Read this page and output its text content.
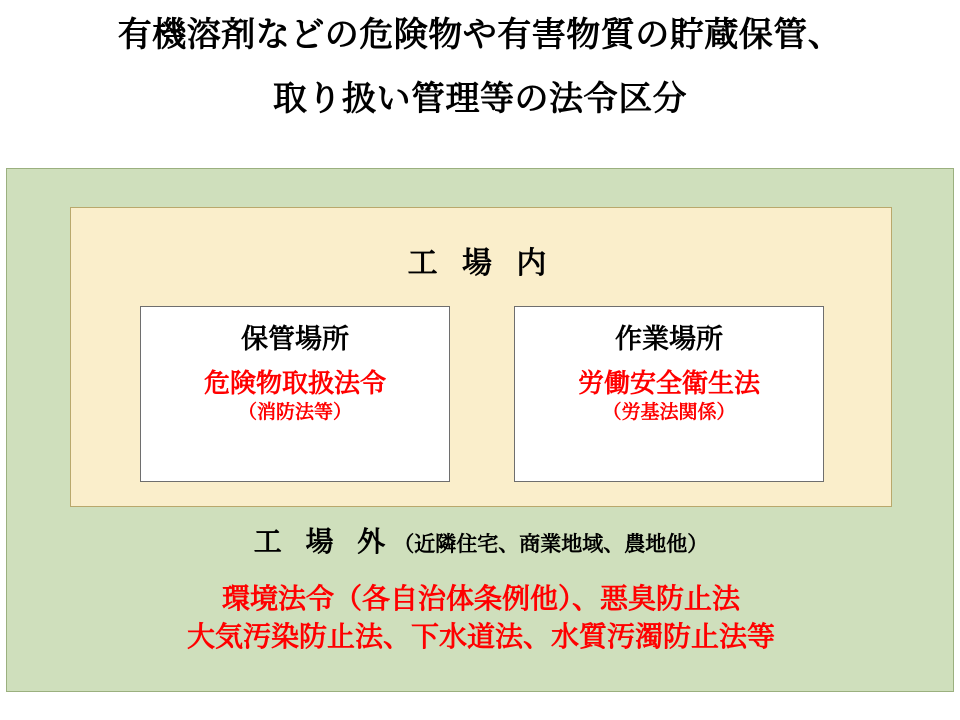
有機溶剤などの危険物や有害物質の貯蔵保管、
取り扱い管理等の法令区分
工 場 内
保管場所
危険物取扱法令
（消防法等）
作業場所
労働安全衛生法
（労基法関係）
工 場 外（近隣住宅、商業地域、農地他）
環境法令（各自治体条例他）、悪臭防止法
大気汚染防止法、下水道法、水質汚濁防止法等
